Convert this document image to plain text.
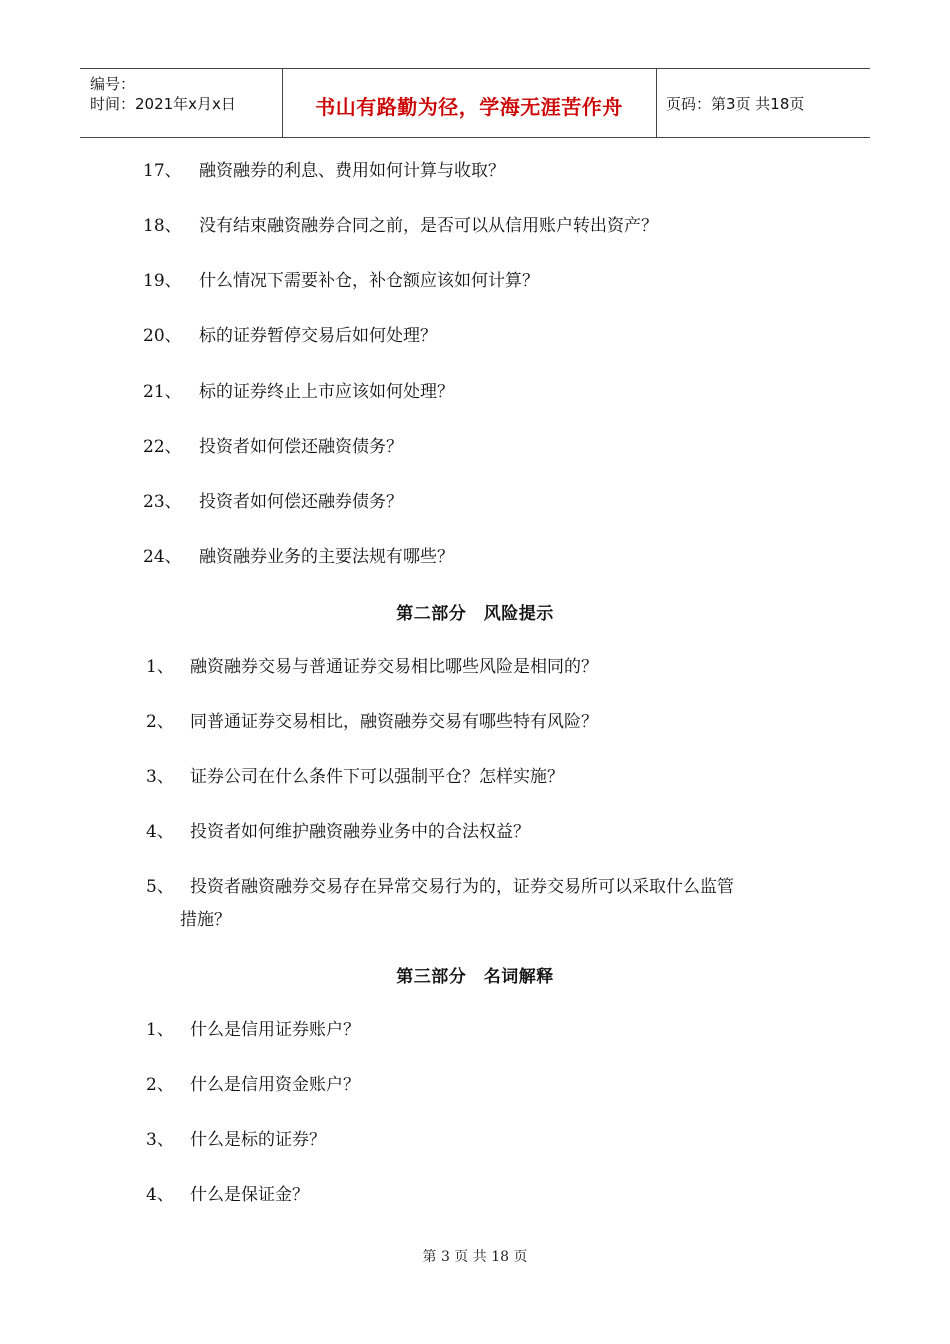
编号：
时间：2021年x月x日	书山有路勤为径，学海无涯苦作舟	页码：第3页 共18页
17、 融资融券的利息、费用如何计算与收取？
18、 没有结束融资融券合同之前，是否可以从信用账户转出资产？
19、 什么情况下需要补仓，补仓额应该如何计算？
20、 标的证券暂停交易后如何处理？
21、 标的证券终止上市应该如何处理？
22、 投资者如何偿还融资债务？
23、 投资者如何偿还融券债务？
24、 融资融券业务的主要法规有哪些？
第二部分　风险提示
1、 融资融券交易与普通证券交易相比哪些风险是相同的？
2、 同普通证券交易相比，融资融券交易有哪些特有风险？
3、 证券公司在什么条件下可以强制平仓？怎样实施？
4、 投资者如何维护融资融券业务中的合法权益？
5、 投资者融资融券交易存在异常交易行为的，证券交易所可以采取什么监管
措施？
第三部分　名词解释
1、 什么是信用证券账户？
2、 什么是信用资金账户？
3、 什么是标的证券？
4、 什么是保证金？
第 3 页 共 18 页
